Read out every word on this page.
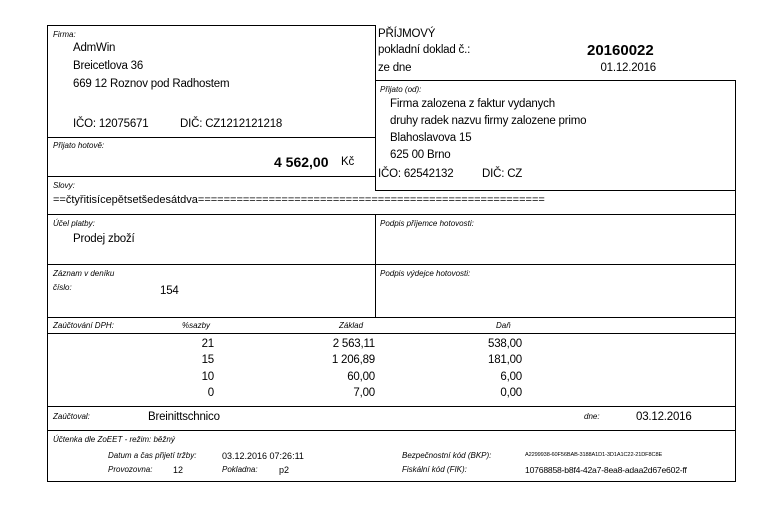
Firma:
AdmWin
Breicetlova 36
669 12 Roznov pod Radhostem
IČO: 12075671	DIČ: CZ1212121218
PŘÍJMOVÝ
pokladní doklad č.:	20160022
ze dne	01.12.2016
Přijato (od):
Firma zalozena z faktur vydanych
druhy radek nazvu firmy zalozene primo
Blahoslavova 15
625 00 Brno
IČO: 62542132 DIČ: CZ
Přijato hotově:
4 562,00 Kč
Slovy:
==čtyřitisícepětsetšedesátdva======================================================
Účel platby:
Prodej zboží
Podpis příjemce hotovosti:
Záznam v deníku
číslo:	154
Podpis výdejce hotovosti:
Zaúčtování DPH:	%sazby	Základ	Daň
21	2 563,11	538,00
15	1 206,89	181,00
10	60,00	6,00
0	7,00	0,00
Zaúčtoval:	Breinittschnico	dne:	03.12.2016
Účtenka dle ZoEET - režim: běžný
Datum a čas přijetí tržby:	03.12.2016 07:26:11
Provozovna: 12	Pokladna: p2
Bezpečnostní kód (BKP):	A2299938-60F56BAB-3188A1D1-3D1A1C22-21DF8C8E
Fiskální kód (FIK):	10768858-b8f4-42a7-8ea8-adaa2d67e602-ff
